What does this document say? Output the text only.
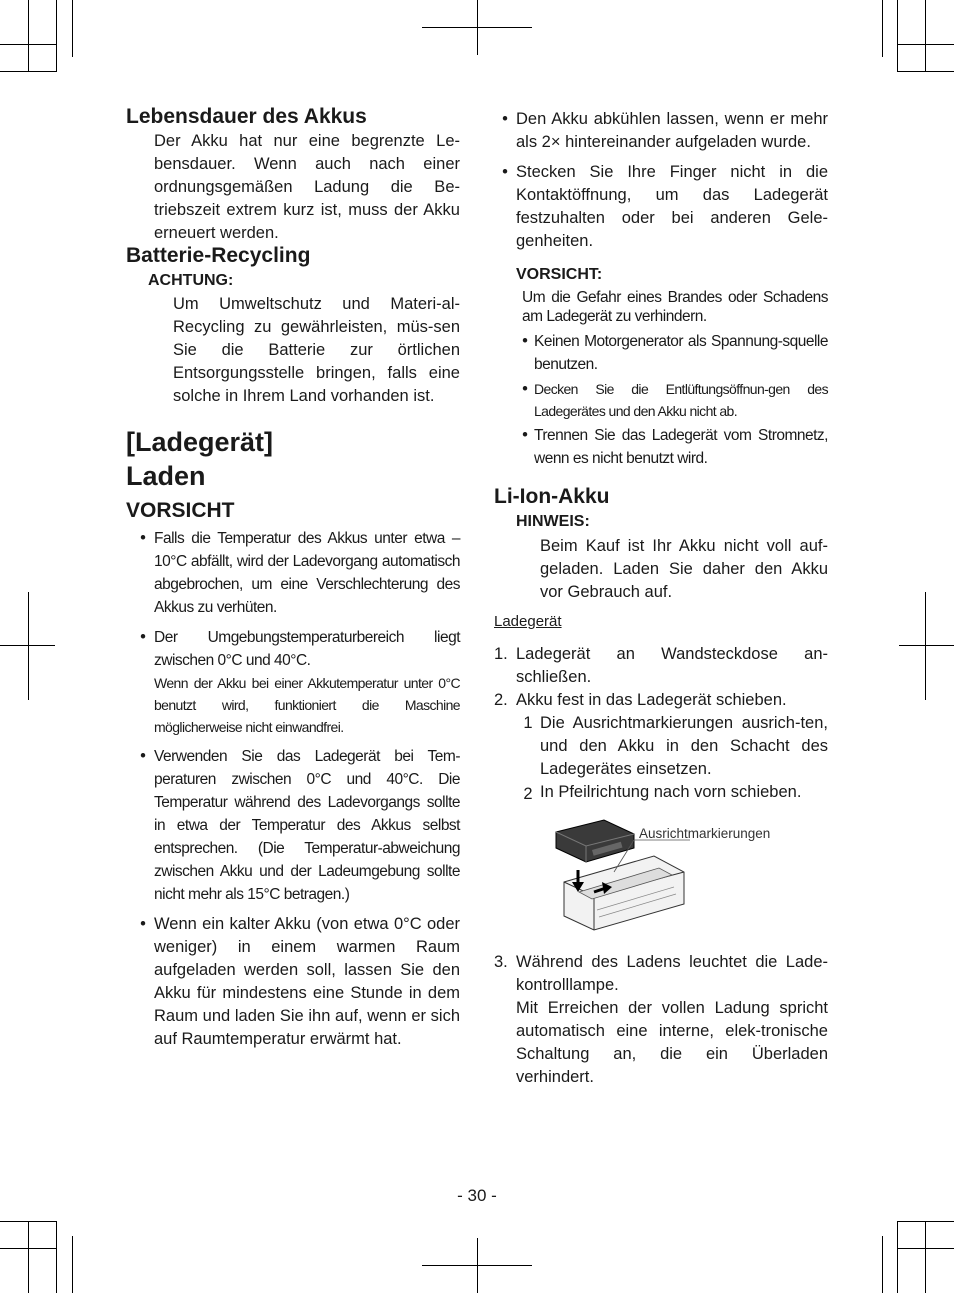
Lebensdauer des Akkus
Der Akku hat nur eine begrenzte Le-bensdauer. Wenn auch nach einer ordnungsgemäßen Ladung die Be-triebszeit extrem kurz ist, muss der Akku erneuert werden.
Batterie-Recycling
ACHTUNG:
Um Umweltschutz und Materi-al-Recycling zu gewährleisten, müs-sen Sie die Batterie zur örtlichen Entsorgungsstelle bringen, falls eine solche in Ihrem Land vorhanden ist.
[Ladegerät]
Laden
VORSICHT
• Falls die Temperatur des Akkus unter etwa –10°C abfällt, wird der Ladevorgang automatisch abgebrochen, um eine Verschlechterung des Akkus zu verhüten.
• Der Umgebungstemperaturbereich liegt zwischen 0°C und 40°C.
Wenn der Akku bei einer Akkutemperatur unter 0°C benutzt wird, funktioniert die Maschine möglicherweise nicht einwandfrei.
• Verwenden Sie das Ladegerät bei Tem-peraturen zwischen 0°C und 40°C. Die Temperatur während des Ladevorgangs sollte in etwa der Temperatur des Akkus selbst entsprechen. (Die Temperatur-abweichung zwischen Akku und der Ladeumgebung sollte nicht mehr als 15°C betragen.)
• Wenn ein kalter Akku (von etwa 0°C oder weniger) in einem warmen Raum aufgeladen werden soll, lassen Sie den Akku für mindestens eine Stunde in dem Raum und laden Sie ihn auf, wenn er sich auf Raumtemperatur erwärmt hat.
• Den Akku abkühlen lassen, wenn er mehr als 2× hintereinander aufgeladen wurde.
• Stecken Sie Ihre Finger nicht in die Kontaktöffnung, um das Ladegerät festzuhalten oder bei anderen Gele-genheiten.
VORSICHT:
Um die Gefahr eines Brandes oder Schadens am Ladegerät zu verhindern.
• Keinen Motorgenerator als Spannung-squelle benutzen.
• Decken Sie die Entlüftungsöffnun-gen des Ladegerätes und den Akku nicht ab.
• Trennen Sie das Ladegerät vom Stromnetz, wenn es nicht benutzt wird.
Li-Ion-Akku
HINWEIS:
Beim Kauf ist Ihr Akku nicht voll auf-geladen. Laden Sie daher den Akku vor Gebrauch auf.
Ladegerät
1. Ladegerät an Wandsteckdose an-schließen.
2. Akku fest in das Ladegerät schieben.
1 Die Ausrichtmarkierungen ausrich-ten, und den Akku in den Schacht des Ladegerätes einsetzen.
2 In Pfeilrichtung nach vorn schieben.
Ausrichtmarkierungen
3. Während des Ladens leuchtet die Lade-kontrolllampe.
Mit Erreichen der vollen Ladung spricht automatisch eine interne, elek-tronische Schaltung an, die ein Überladen verhindert.
- 30 -
